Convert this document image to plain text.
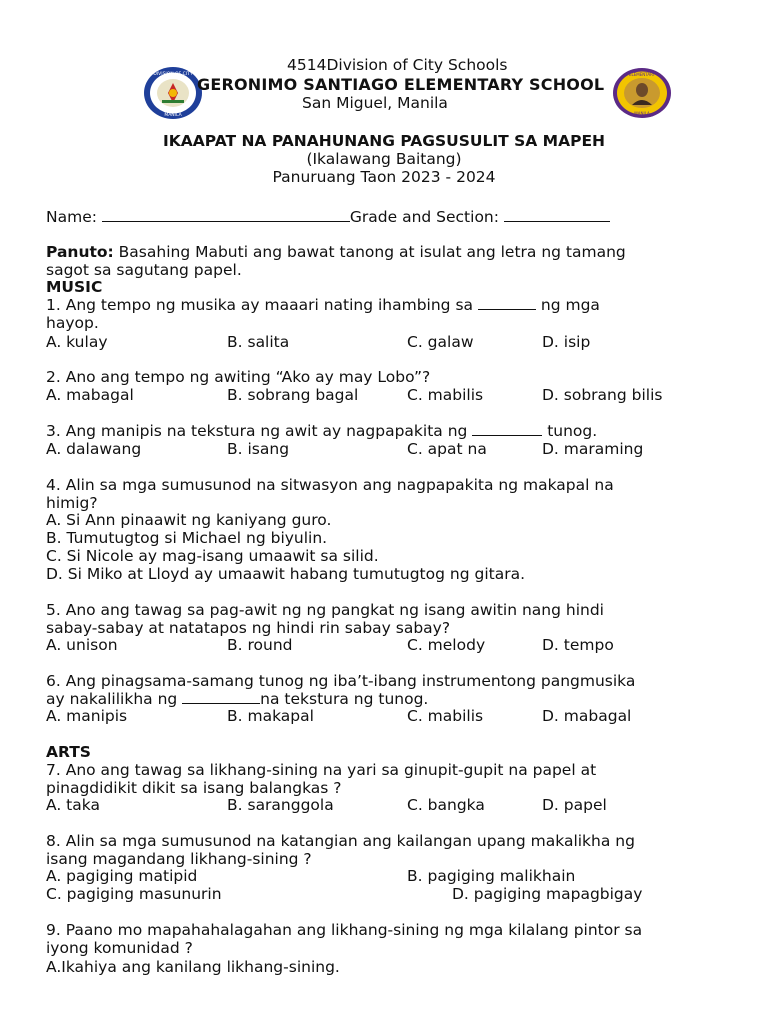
DIVISION OF CITY
MANILA
ELEMENTARY
MANILA
4514Division of City Schools
GERONIMO SANTIAGO ELEMENTARY SCHOOL
San Miguel, Manila
IKAAPAT NA PANAHUNANG PAGSUSULIT SA MAPEH
(Ikalawang Baitang)
Panuruang Taon 2023 - 2024
Name:	Grade and Section:
Panuto: Basahing Mabuti ang bawat tanong at isulat ang letra ng tamang
sagot sa sagutang papel.
MUSIC
1. Ang tempo ng musika ay maaari nating ihambing sa	ng mga
hayop.
A. kulay	B. salita	C. galaw	D. isip
2. Ano ang tempo ng awiting “Ako ay may Lobo”?
A. mabagal	B. sobrang bagal	C. mabilis	D. sobrang bilis
3. Ang manipis na tekstura ng awit ay nagpapakita ng	tunog.
A. dalawang	B. isang	C. apat na	D. maraming
4. Alin sa mga sumusunod na sitwasyon ang nagpapakita ng makapal na
himig?
A. Si Ann pinaawit ng kaniyang guro.
B. Tumutugtog si Michael ng biyulin.
C. Si Nicole ay mag-isang umaawit sa silid.
D. Si Miko at Lloyd ay umaawit habang tumutugtog ng gitara.
5. Ano ang tawag sa pag-awit ng ng pangkat ng isang awitin nang hindi
sabay-sabay at natatapos ng hindi rin sabay sabay?
A. unison	B. round	C. melody	D. tempo
6. Ang pinagsama-samang tunog ng iba’t-ibang instrumentong pangmusika
ay nakalilikha ng	na tekstura ng tunog.
A. manipis	B. makapal	C. mabilis	D. mabagal
ARTS
7. Ano ang tawag sa likhang-sining na yari sa ginupit-gupit na papel at
pinagdidikit dikit sa isang balangkas ?
A. taka	B. saranggola	C. bangka	D. papel
8. Alin sa mga sumusunod na katangian ang kailangan upang makalikha ng
isang magandang likhang-sining ?
A. pagiging matipid	B. pagiging malikhain
C. pagiging masunurin	D. pagiging mapagbigay
9. Paano mo mapahahalagahan ang likhang-sining ng mga kilalang pintor sa
iyong komunidad ?
A.Ikahiya ang kanilang likhang-sining.
